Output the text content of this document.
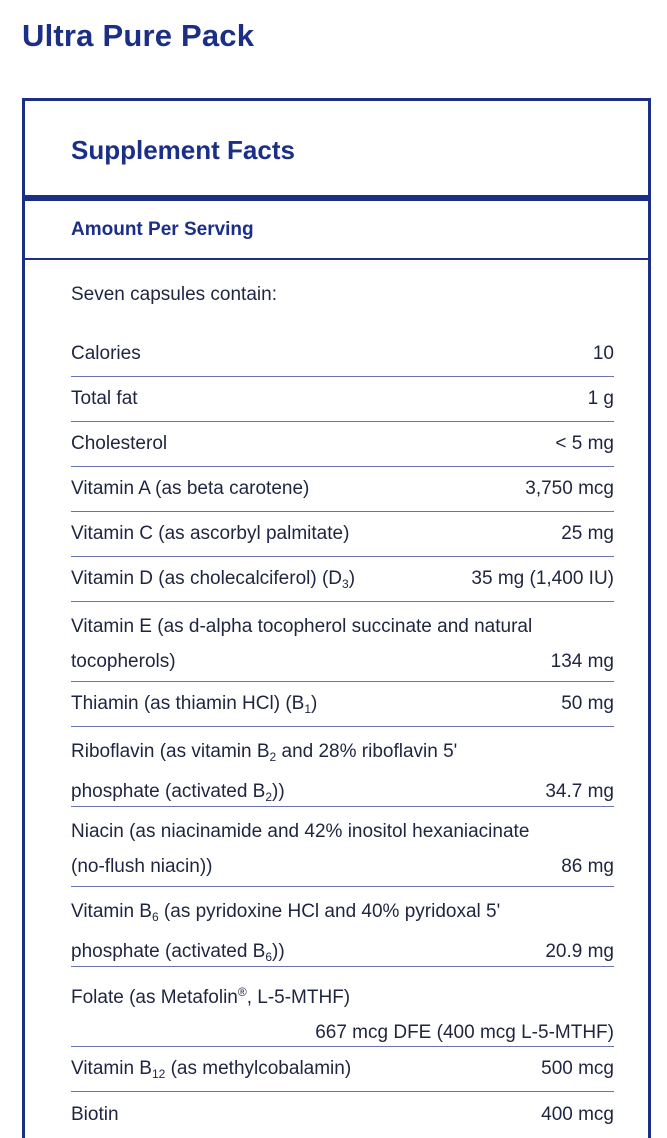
Ultra Pure Pack
Supplement Facts
Amount Per Serving
Seven capsules contain:
Calories	10
Total fat	1 g
Cholesterol	< 5 mg
Vitamin A (as beta carotene)	3,750 mcg
Vitamin C (as ascorbyl palmitate)	25 mg
Vitamin D (as cholecalciferol) $(D_3)$	35 mg (1,400 IU)
Vitamin E (as d-alpha tocopherol succinate and natural
tocopherols)	134 mg
Thiamin (as thiamin HCl) $(B_1)$	50 mg
Riboflavin (as vitamin $B_2$ and 28% riboflavin 5'
phosphate (activated $B_2$))	34.7 mg
Niacin (as niacinamide and 42% inositol hexaniacinate
(no-flush niacin))	86 mg
Vitamin $B_6$ (as pyridoxine HCl and 40% pyridoxal 5'
phosphate (activated $B_6$))	20.9 mg
Folate (as Metafolin®, L-5-MTHF)
667 mcg DFE (400 mcg L-5-MTHF)
Vitamin $B_{12}$ (as methylcobalamin)	500 mcg
Biotin	400 mcg
